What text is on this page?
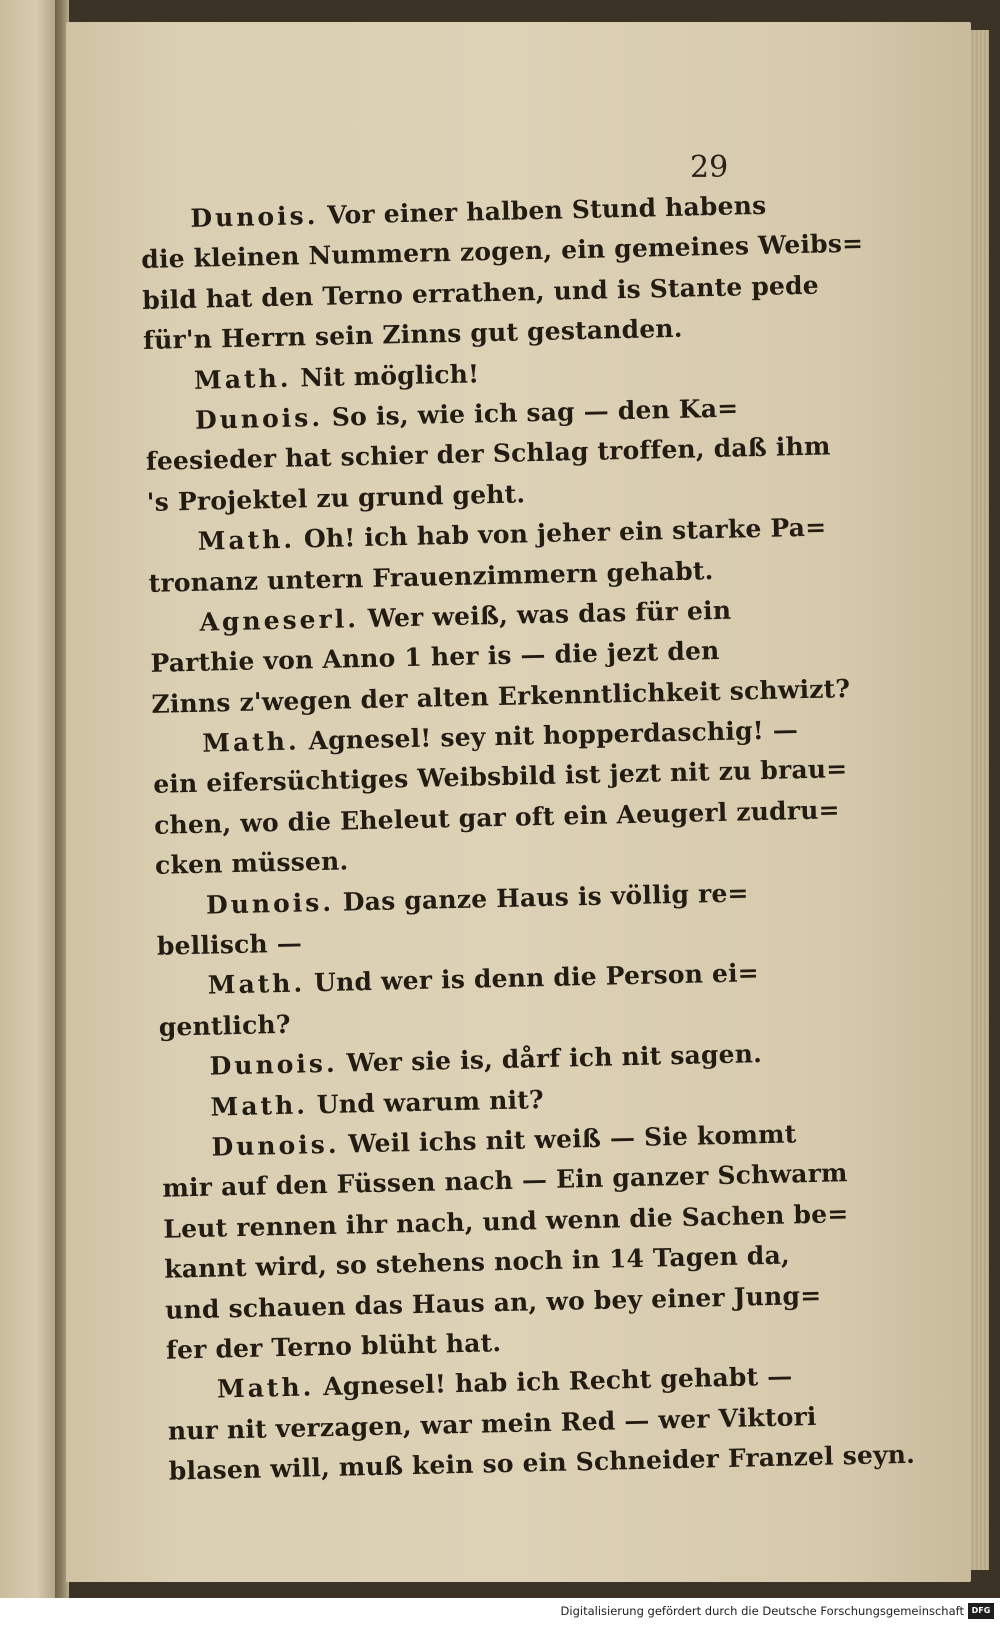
29
Dunois. Vor einer halben Stund habens
die kleinen Nummern zogen, ein gemeines Weibs=
bild hat den Terno errathen, und is Stante pede
für'n Herrn sein Zinns gut gestanden.
Math. Nit möglich!
Dunois. So is, wie ich sag — den Ka=
feesieder hat schier der Schlag troffen, daß ihm
's Projektel zu grund geht.
Math. Oh! ich hab von jeher ein starke Pa=
tronanz untern Frauenzimmern gehabt.
Agneserl. Wer weiß, was das für ein
Parthie von Anno 1 her is — die jezt den
Zinns z'wegen der alten Erkenntlichkeit schwizt?
Math. Agnesel! sey nit hopperdaschig! —
ein eifersüchtiges Weibsbild ist jezt nit zu brau=
chen, wo die Eheleut gar oft ein Aeugerl zudru=
cken müssen.
Dunois. Das ganze Haus is völlig re=
bellisch —
Math. Und wer is denn die Person ei=
gentlich?
Dunois. Wer sie is, dårf ich nit sagen.
Math. Und warum nit?
Dunois. Weil ichs nit weiß — Sie kommt
mir auf den Füssen nach — Ein ganzer Schwarm
Leut rennen ihr nach, und wenn die Sachen be=
kannt wird, so stehens noch in 14 Tagen da,
und schauen das Haus an, wo bey einer Jung=
fer der Terno blüht hat.
Math. Agnesel! hab ich Recht gehabt —
nur nit verzagen, war mein Red — wer Viktori
blasen will, muß kein so ein Schneider Franzel seyn.
Digitalisierung gefördert durch die Deutsche Forschungsgemeinschaft DFG
